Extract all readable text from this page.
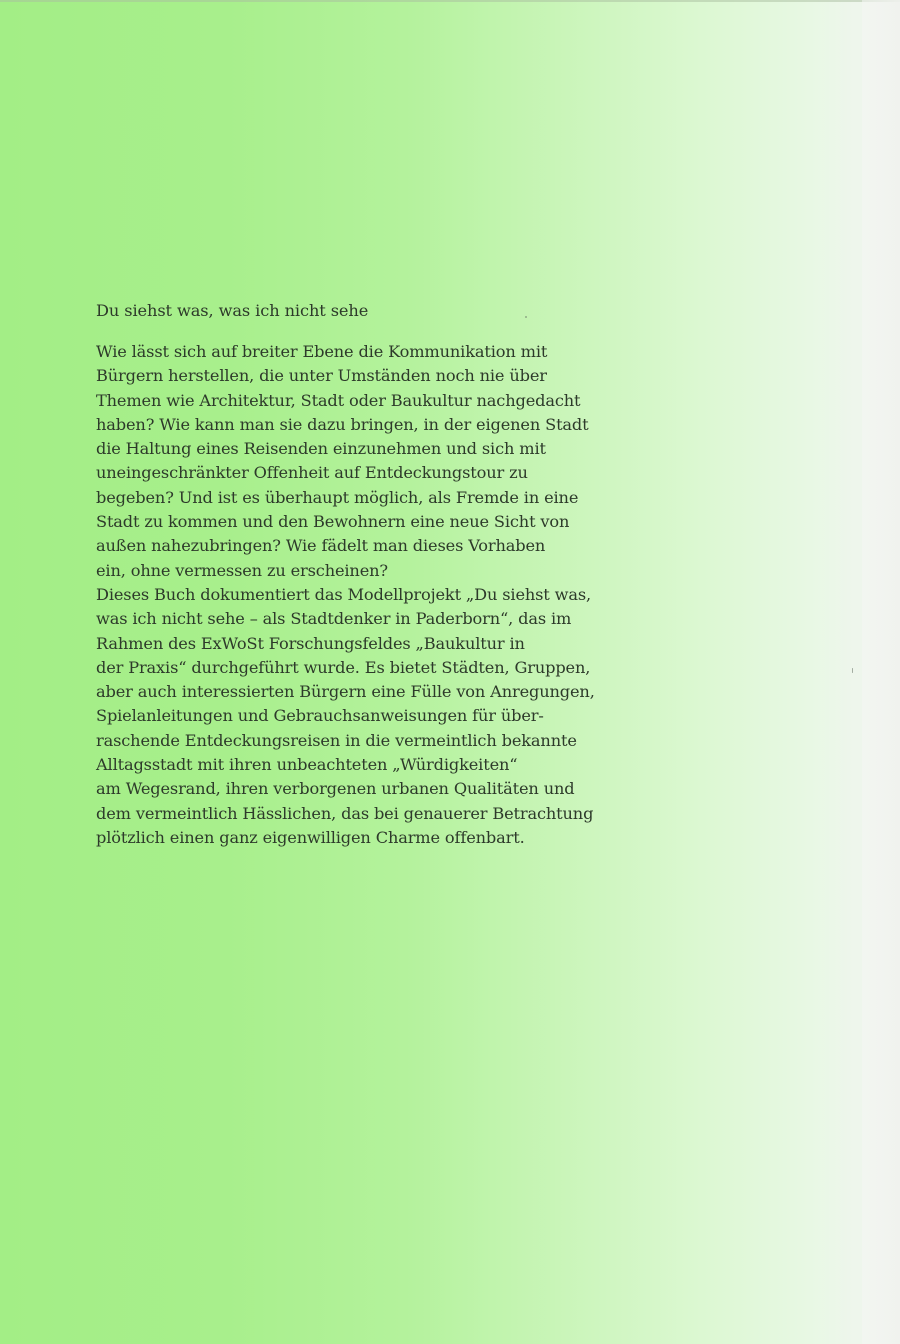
Du siehst was, was ich nicht sehe

Wie lässt sich auf breiter Ebene die Kommunikation mit
Bürgern herstellen, die unter Umständen noch nie über
Themen wie Architektur, Stadt oder Baukultur nachgedacht
haben? Wie kann man sie dazu bringen, in der eigenen Stadt
die Haltung eines Reisenden einzunehmen und sich mit
uneingeschränkter Offenheit auf Entdeckungstour zu
begeben? Und ist es überhaupt möglich, als Fremde in eine
Stadt zu kommen und den Bewohnern eine neue Sicht von
außen nahezubringen? Wie fädelt man dieses Vorhaben
ein, ohne vermessen zu erscheinen?

Dieses Buch dokumentiert das Modellprojekt „Du siehst was,
was ich nicht sehe – als Stadtdenker in Paderborn“, das im
Rahmen des ExWoSt Forschungsfeldes „Baukultur in
der Praxis“ durchgeführt wurde. Es bietet Städten, Gruppen,
aber auch interessierten Bürgern eine Fülle von Anregungen,
Spielanleitungen und Gebrauchsanweisungen für über-
raschende Entdeckungsreisen in die vermeintlich bekannte
Alltagsstadt mit ihren unbeachteten „Würdigkeiten“
am Wegesrand, ihren verborgenen urbanen Qualitäten und
dem vermeintlich Hässlichen, das bei genauerer Betrachtung
plötzlich einen ganz eigenwilligen Charme offenbart.
